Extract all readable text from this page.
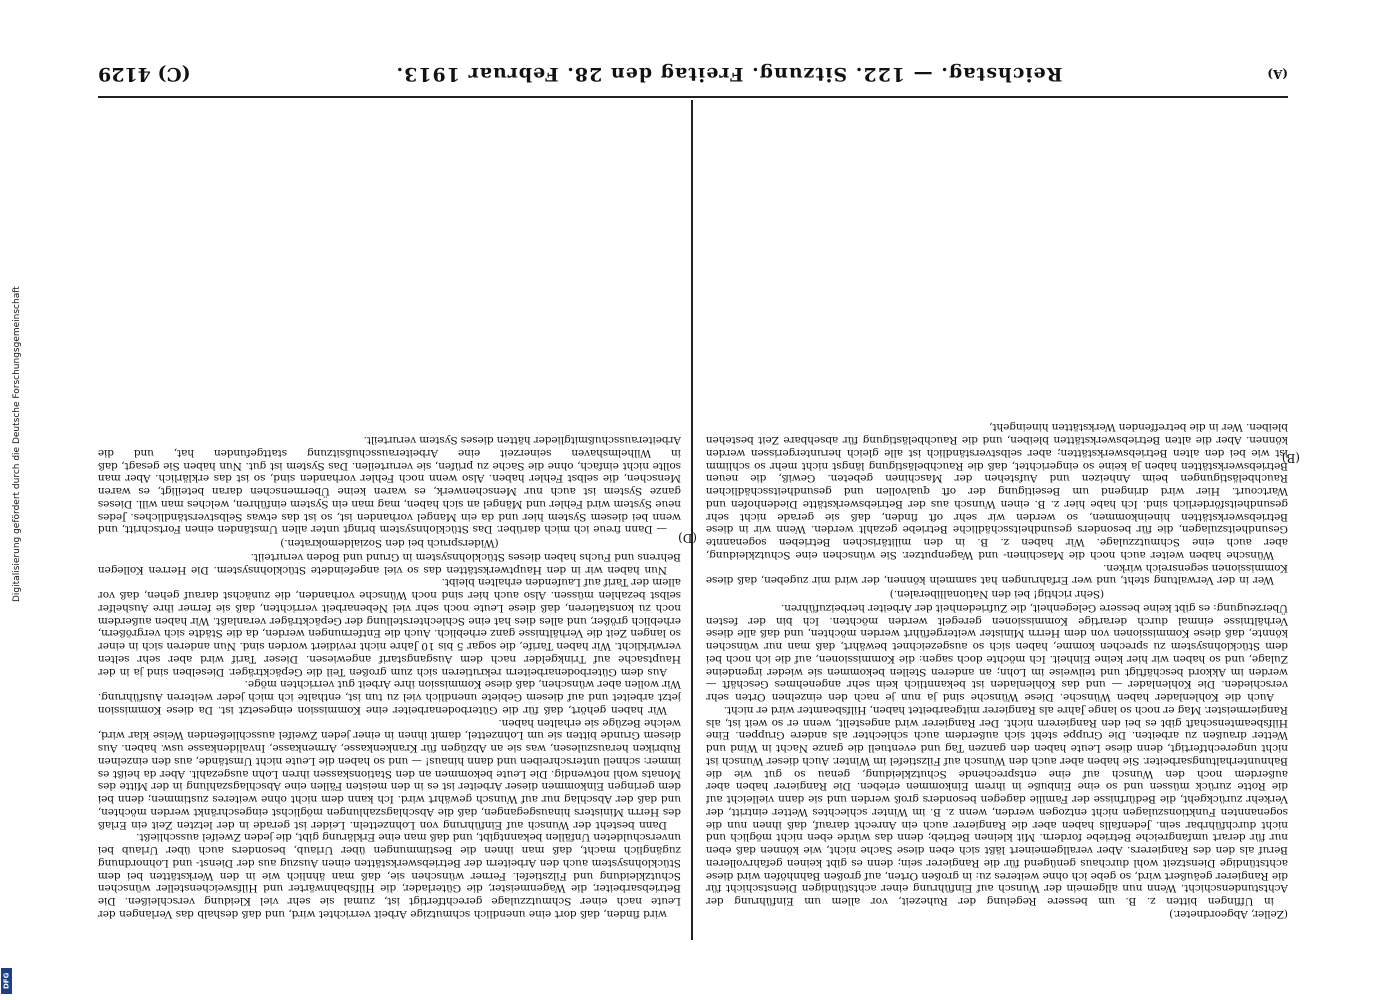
(A)
Reichstag. — 122. Sitzung. Freitag den 28. Februar 1913.
(C) 4129

(Zeller, Abgeordneter.)

in Uffingen bitten z. B. um bessere Regelung der Ruhezeit, vor allem um Einführung der Achtstundenschicht. Wenn nun allgemein der Wunsch auf Einführung einer achtstündigen Dienstschicht für die Rangierer geäußert wird, so gebe ich ohne weiteres zu: in großen Orten, auf großen Bahnhöfen wird diese achtstündige Dienstzeit wohl durchaus genügend für die Rangierer sein; denn es gibt keinen gefahrvolleren Beruf als den des Rangierers. Aber verallgemeinert läßt sich eben diese Sache nicht, wie können daß eben nur für derart umfangreiche Betriebe fordern. Mit kleinen Betrieb; denn das würde eben nicht möglich und nicht durchführbar sein. Jedenfalls haben aber die Rangierer auch ein Anrecht darauf, daß ihnen nun die sogenannten Funktionszulagen nicht entzogen werden, wenn z. B. im Winter schlechtes Wetter eintritt, der Verkehr zurückgeht, die Bedürfnisse der Familie dagegen besonders groß werden und sie dann vielleicht auf die Rotte zurück müssen und so eine Einbuße in ihrem Einkommen erleben. Die Rangierer haben aber außerdem noch den Wunsch auf eine entsprechende Schutzkleidung, genau so gut wie die Bahnunterhaltungsarbeiter. Sie haben aber auch den Wunsch auf Filzstiefel im Winter. Auch dieser Wunsch ist nicht ungerechtfertigt, denn diese Leute haben den ganzen Tag und eventuell die ganze Nacht in Wind und Wetter draußen zu arbeiten. Die Gruppe steht sich außerdem auch schlechter als andere Gruppen. Eine Hilfsbeamtenschaft gibt es bei den Rangierern nicht. Der Rangierer wird angestellt, wenn er so weit ist, als Rangiermeister. Mag er noch so lange Jahre als Rangierer mitgearbeitet haben, Hilfsbeamter wird er nicht.

Auch die Kohlenlader haben Wünsche. Diese Wünsche sind ja nun je nach den einzelnen Orten sehr verschieden. Die Kohlenlader — und das Kohlenladen ist bekanntlich kein sehr angenehmes Geschäft — werden im Akkord beschäftigt und teilweise im Lohn; an anderen Stellen bekommen sie wieder irgendeine Zulage, und so haben wir hier keine Einheit. Ich möchte doch sagen: die Kommissionen, auf die ich noch bei dem Stücklohnsystem zu sprechen komme, haben sich so ausgezeichnet bewährt, daß man nur wünschen könnte, daß diese Kommissionen von dem Herrn Minister weitergeführt werden möchten, und daß alle diese Verhältnisse einmal durch derartige Kommissionen geregelt werden möchten. Ich bin der festen Überzeugung: es gibt keine bessere Gelegenheit, die Zufriedenheit der Arbeiter herbeizuführen.

(Sehr richtig! bei den Nationalliberalen.)

Wer in der Verwaltung steht, und wer Erfahrungen hat sammeln können, der wird mir zugeben, daß diese Kommissionen segensreich wirken.

Wünsche haben weiter auch noch die Maschinen- und Wagenputzer. Sie wünschen eine Schutzkleidung, aber auch eine Schmutzzulage. Wir haben z. B. in den militärischen Betrieben sogenannte Gesundheitszulagen, die für besonders gesundheitsschädliche Betriebe gezahlt werden. Wenn wir in diese Betriebswerkstätten hineinkommen, so werden wir sehr oft finden, daß sie gerade nicht sehr gesundheitsförderlich sind. Ich habe hier z. B. einen Wunsch aus der Betriebswerkstätte Diedenhofen und Wartcourt. Hier wird dringend um Beseitigung der oft qualvollen und gesundheitsschädlichen Rauchbelästigungen beim Anheizen und Aufstehen der Maschinen gebeten. Gewiß, die neuen Betriebswerkstätten haben ja keine so eingerichtet, daß die Rauchbelästigung längst nicht mehr so schlimm ist wie bei den alten Betriebswerkstätten; aber selbstverständlich ist alle gleich heruntergerissen werden können. Aber die alten Betriebswerkstätten bleiben, und die Rauchbelästigung für absehbare Zeit bestehen bleiben. Wer in die betreffenden Werkstätten hineingeht,

wird finden, daß dort eine unendlich schmutzige Arbeit verrichtet wird, und daß deshalb das Verlangen der Leute nach einer Schmutzzulage gerechtfertigt ist, zumal sie sehr viel Kleidung verschleißen. Die Betriebsarbeiter, die Wagenmeister, die Güterlader, die Hilfsbahnwärter und Hilfsweichensteller wünschen Schutzkleidung und Filzstiefel. Ferner wünschen sie, daß man ähnlich wie in den Werkstätten bei dem Stücklohnsystem auch den Arbeitern der Betriebswerkstätten einen Auszug aus der Dienst- und Lohnordnung zugänglich macht, daß man ihnen die Bestimmungen über Urlaub, besonders auch über Urlaub bei unverschuldeten Unfällen bekanntgibt, und daß man eine Erklärung gibt, die jeden Zweifel ausschließt.

Dann besteht der Wunsch auf Einführung von Lohnzetteln. Leider ist gerade in der letzten Zeit ein Erlaß des Herrn Ministers hinausgegangen, daß die Abschlagszahlungen möglichst eingeschränkt werden möchten, und daß der Abschlag nur auf Wunsch gewährt wird. Ich kann dem nicht ohne weiteres zustimmen; denn bei dem geringen Einkommen dieser Arbeiter ist es in den meisten Fällen eine Abschlagszahlung in der Mitte des Monats wohl notwendig. Die Leute bekommen an den Stationskassen ihren Lohn ausgezahlt. Aber da heißt es immer: schnell unterschreiben und dann hinaus! — und so haben die Leute nicht Umstände, aus den einzelnen Rubriken herauszulesen, was sie an Abzügen für Krankenkasse, Armenkasse, Invalidenkasse usw. haben. Aus diesem Grunde bitten sie um Lohnzettel, damit ihnen in einer jeden Zweifel ausschließenden Weise klar wird, welche Bezüge sie erhalten haben.

Wir haben gehört, daß für die Güterbodenarbeiter eine Kommission eingesetzt ist. Da diese Kommission jetzt arbeitet und auf diesem Gebiete unendlich viel zu tun ist, enthalte ich mich jeder weiteren Ausführung. Wir wollen aber wünschen, daß diese Kommission ihre Arbeit gut verrichten möge.

Aus dem Güterbodenarbeitern rekrutieren sich zum großen Teil die Gepäckträger. Dieselben sind ja in der Hauptsache auf Trinkgelder nach dem Ausgangstarif angewiesen. Dieser Tarif wird aber sehr selten verwirklicht. Wir haben Tarife, die sogar 5 bis 10 Jahre nicht revidiert worden sind. Nun anderen sich in einer so langen Zeit die Verhältnisse ganz erheblich. Auch die Entfernungen werden, da die Städte sich vergrößern, erheblich größer, und alles dies hat eine Schlechterstellung der Gepäckträger veranlaßt. Wir haben außerdem noch zu konstatieren, daß diese Leute noch sehr viel Nebenarbeit verrichten, daß sie ferner ihre Aushelfer selbst bezahlen müssen. Also auch hier sind noch Wünsche vorhanden, die zunächst darauf gehen, daß vor allem der Tarif auf Laufenden erhalten bleibt.

Nun haben wir in den Hauptwerkstätten das so viel angefeindete Stücklohnsystem. Die Herren Kollegen Behrens und Fuchs haben dieses Stücklohnsystem in Grund und Boden verurteilt.

(Widerspruch bei den Sozialdemokraten.)

— Dann freue ich mich darüber. Das Stücklohnsystem bringt unter allen Umständen einen Fortschritt, und wenn bei diesem System hier und da ein Mangel vorhanden ist, so ist das etwas Selbstverständliches. Jedes neue System wird Fehler und Mängel an sich haben, mag man ein System einführen, welches man will. Dieses ganze System ist auch nur Menschenwerk, es waren keine Übermenschen daran beteiligt, es waren Menschen, die selbst Fehler haben. Also wenn noch Fehler vorhanden sind, so ist das erklärlich. Aber man sollte nicht einfach, ohne die Sache zu prüfen, sie verurteilen. Das System ist gut. Nun haben Sie gesagt, daß in Wilhelmshaven seinerzeit eine Arbeiterausschußsitzung stattgefunden hat, und die Arbeiterausschußmitglieder hätten dieses System verurteilt.

(B)
(D)
Digitalisierung gefördert durch die Deutsche Forschungsgemeinschaft
DFG
